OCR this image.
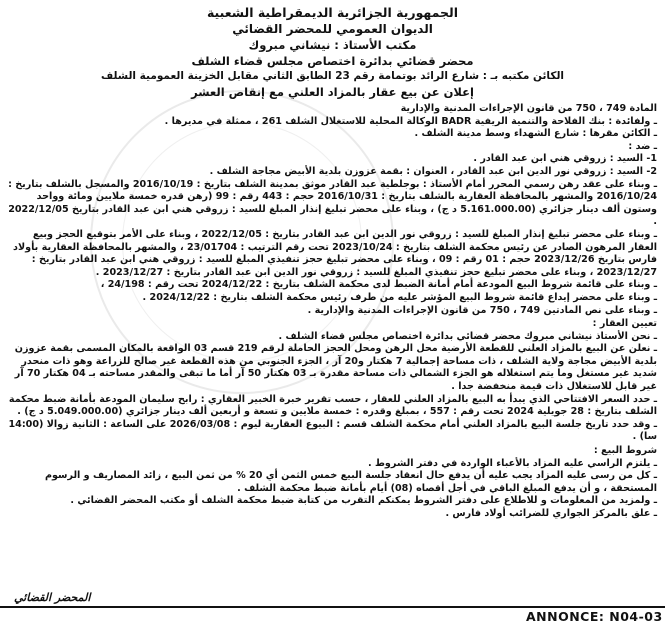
الجمهورية الجزائرية الديمقراطية الشعبية
الديوان العمومي للمحضر القضائي
مكتب الأستاذ : نيشاني مبروك
محضر قضائي بدائرة اختصاص مجلس قضاء الشلف
الكائن مكتبه بـ : شارع الرائد بوتمامة رقم 23 الطابق الثاني مقابل الخزينة العمومية الشلف
إعلان عن بيع عقار بالمزاد العلني مع إنقاص العشر

المادة 749 ، 750 من قانون الإجراءات المدنية والإدارية

ـ ولفائدة : بنك الفلاحة والتنمية الريفية BADR الوكالة المحلية للاستغلال الشلف 261 ، ممثلة في مديرها .

ـ الكائن مقرها : شارع الشهداء وسط مدينة الشلف .

ـ ضد :

1- السيد : زروقي هني ابن عبد القادر .

2- السيد : زروقي نور الدين ابن عبد القادر ، العنوان : بقمة عزوزن بلدية الأبيض مجاجة الشلف .

ـ وبناء على عقد رهن رسمي المحرر أمام الأستاذ : بوجلطية عبد القادر موثق بمدينة الشلف بتاريخ : 2016/10/19 والمسجل بالشلف بتاريخ : 2016/10/24 والمشهر بالمحافظة العقارية بالشلف بتاريخ : 2016/10/31 حجم : 443 رقم : 99 (رهن قدره خمسة ملايين ومائة وواحد وستون ألف دينار جزائري (5.161.000.00 د ج) ، وبناء على محضر تبليغ إنذار المبلغ للسيد : زروقي هني ابن عبد القادر بتاريخ 2022/12/05 .

ـ وبناء على محضر تبليغ إنذار المبلغ للسيد : زروقي نور الدين ابن عبد القادر بتاريخ : 2022/12/05 ، وبناء على الأمر بتوقيع الحجز وبيع العقار المرهون الصادر عن رئيس محكمة الشلف بتاريخ : 2023/10/24 تحت رقم الترتيب : 23/01704 ، والمشهر بالمحافظة العقارية بأولاد فارس بتاريخ 2023/12/26 حجم : 01 رقم : 09 ، وبناء على محضر تبليغ حجز تنفيذي المبلغ للسيد : زروقي هني ابن عبد القادر بتاريخ : 2023/12/27 ، وبناء على محضر تبليغ حجز تنفيذي المبلغ للسيد : زروقي نور الدين ابن عبد القادر بتاريخ : 2023/12/27 .

ـ وبناء على قائمة شروط البيع المودعة أمام أمانة الضبط لدى محكمة الشلف بتاريخ : 2024/12/22 تحت رقم : 24/198 ،

ـ وبناء على محضر إيداع قائمة شروط البيع المؤشر عليه من طرف رئيس محكمة الشلف بتاريخ : 2024/12/22 .

ـ وبناء على نص المادتين 749 ، 750 من قانون الإجراءات المدنية والإدارية .

تعيين العقار :

ـ نحن الأستاذ نيشاني مبروك محضر قضائي بدائرة اختصاص مجلس قضاء الشلف .

ـ نعلن عن البيع بالمزاد العلني للقطعة الأرضية محل الرهن ومحل الحجز الحاملة لرقم 219 قسم 03 الواقعة بالمكان المسمى بقمة عزوزن بلدية الأبيض مجاجة ولاية الشلف ، ذات مساحة إجمالية 7 هكتار و20 آر ، الجزء الجنوبي من هذه القطعة غير صالح للزراعة وهو ذات منحدر شديد غير مستغل وما يتم استغلاله هو الجزء الشمالي ذات مساحة مقدرة بـ 03 هكتار 50 آر أما ما تبقى والمقدر مساحته بـ 04 هكتار 70 آر غير قابل للاستغلال ذات قيمة منخفضة جدا .

ـ حدد السعر الافتتاحي الذي يبدأ به البيع بالمزاد العلني للعقار ، حسب تقرير خبرة الخبير العقاري : رابح سليمان المودعة بأمانة ضبط محكمة الشلف بتاريخ : 28 جويلية 2024 تحت رقم : 557 ، بمبلغ وقدره : خمسة ملايين و تسعة و أربعين ألف دينار جزائري (5.049.000.00 د ج) .

ـ وقد حدد تاريخ جلسة البيع بالمزاد العلني أمام محكمة الشلف قسم : البيوع العقارية ليوم : 2026/03/08 على الساعة : الثانية زوالا (14:00 سا) .

شروط البيع :

ـ يلتزم الراسي عليه المزاد بالأعباء الواردة في دفتر الشروط .

ـ كل من رسى عليه المزاد يجب عليه أن يدفع حال انعقاد جلسة البيع خمس الثمن أي 20 % من ثمن البيع ، زائد المصاريف و الرسوم المستحقة ، و أن يدفع المبلغ الباقي في أجل أقصاه (08) أيام بأمانة ضبط محكمة الشلف .

ـ ولمزيد من المعلومات و للاطلاع على دفتر الشروط يمكنكم التقرب من كتابة ضبط محكمة الشلف أو مكتب المحضر القضائي .

ـ علق بالمركز الجواري للضرائب أولاد فارس .

المحضر القضائي
ANNONCE: N04-03
